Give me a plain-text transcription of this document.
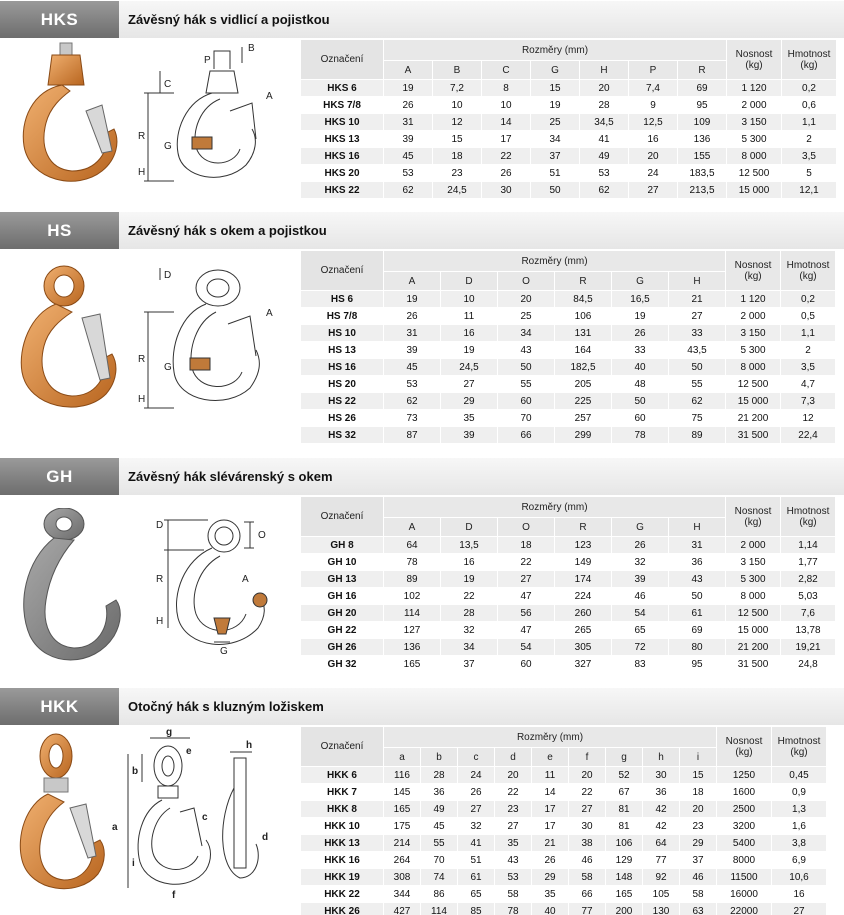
HKS	Závěsný hák s vidlicí a pojistkou
B
P
C
A
R
G
H
Označení	Rozměry (mm)							Nosnost (kg)	Hmotnost (kg)
	A	B	C	G	H	P	R		
HKS 6	19	7,2	8	15	20	7,4	69	1 120	0,2
HKS 7/8	26	10	10	19	28	9	95	2 000	0,6
HKS 10	31	12	14	25	34,5	12,5	109	3 150	1,1
HKS 13	39	15	17	34	41	16	136	5 300	2
HKS 16	45	18	22	37	49	20	155	8 000	3,5
HKS 20	53	23	26	51	53	24	183,5	12 500	5
HKS 22	62	24,5	30	50	62	27	213,5	15 000	12,1
HS	Závěsný hák s okem a pojistkou
D
A
R
G
H
Označení	Rozměry (mm)						Nosnost (kg)	Hmotnost (kg)
	A	D	O	R	G	H		
HS 6	19	10	20	84,5	16,5	21	1 120	0,2
HS 7/8	26	11	25	106	19	27	2 000	0,5
HS 10	31	16	34	131	26	33	3 150	1,1
HS 13	39	19	43	164	33	43,5	5 300	2
HS 16	45	24,5	50	182,5	40	50	8 000	3,5
HS 20	53	27	55	205	48	55	12 500	4,7
HS 22	62	29	60	225	50	62	15 000	7,3
HS 26	73	35	70	257	60	75	21 200	12
HS 32	87	39	66	299	78	89	31 500	22,4
GH	Závěsný hák slévárenský s okem
D
O
R	A
H
G
Označení	Rozměry (mm)						Nosnost (kg)	Hmotnost (kg)
	A	D	O	R	G	H		
GH 8	64	13,5	18	123	26	31	2 000	1,14
GH 10	78	16	22	149	32	36	3 150	1,77
GH 13	89	19	27	174	39	43	5 300	2,82
GH 16	102	22	47	224	46	50	8 000	5,03
GH 20	114	28	56	260	54	61	12 500	7,6
GH 22	127	32	47	265	65	69	15 000	13,78
GH 26	136	34	54	305	72	80	21 200	19,21
GH 32	165	37	60	327	83	95	31 500	24,8
HKK	Otočný hák s kluzným ložiskem
g
e
b
c
a
i
f
h
d
Označení	Rozměry (mm)									Nosnost (kg)	Hmotnost (kg)
	a	b	c	d	e	f	g	h	i		
HKK 6	116	28	24	20	11	20	52	30	15	1250	0,45
HKK 7	145	36	26	22	14	22	67	36	18	1600	0,9
HKK 8	165	49	27	23	17	27	81	42	20	2500	1,3
HKK 10	175	45	32	27	17	30	81	42	23	3200	1,6
HKK 13	214	55	41	35	21	38	106	64	29	5400	3,8
HKK 16	264	70	51	43	26	46	129	77	37	8000	6,9
HKK 19	308	74	61	53	29	58	148	92	46	11500	10,6
HKK 22	344	86	65	58	35	66	165	105	58	16000	16
HKK 26	427	114	85	78	40	77	200	130	63	22000	27
